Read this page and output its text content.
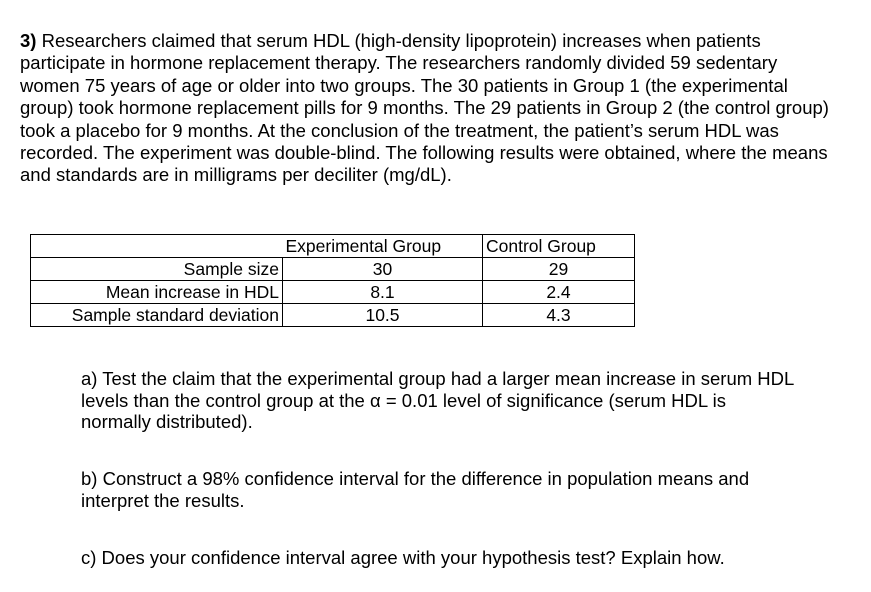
3) Researchers claimed that serum HDL (high-density lipoprotein) increases when patients participate in hormone replacement therapy. The researchers randomly divided 59 sedentary women 75 years of age or older into two groups. The 30 patients in Group 1 (the experimental group) took hormone replacement pills for 9 months. The 29 patients in Group 2 (the control group) took a placebo for 9 months. At the conclusion of the treatment, the patient’s serum HDL was recorded. The experiment was double-blind. The following results were obtained, where the means and standards are in milligrams per deciliter (mg/dL).
	Experimental Group	Control Group
Sample size	30	29
Mean increase in HDL	8.1	2.4
Sample standard deviation	10.5	4.3
a) Test the claim that the experimental group had a larger mean increase in serum HDL levels than the control group at the α = 0.01 level of significance (serum HDL is normally distributed).
b) Construct a 98% confidence interval for the difference in population means and interpret the results.
c) Does your confidence interval agree with your hypothesis test? Explain how.
